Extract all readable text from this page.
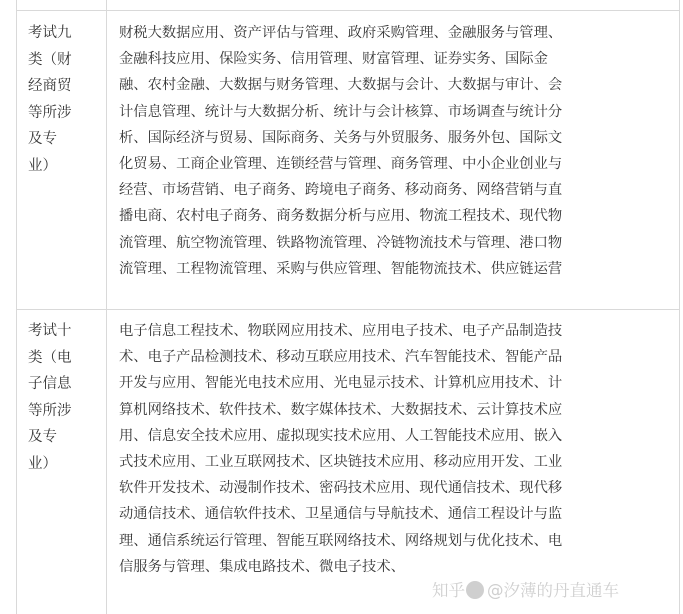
考试九
类（财
经商贸
等所涉
及专
业）
财税大数据应用、资产评估与管理、政府采购管理、金融服务与管理、
金融科技应用、保险实务、信用管理、财富管理、证券实务、国际金
融、农村金融、大数据与财务管理、大数据与会计、大数据与审计、会
计信息管理、统计与大数据分析、统计与会计核算、市场调查与统计分
析、国际经济与贸易、国际商务、关务与外贸服务、服务外包、国际文
化贸易、工商企业管理、连锁经营与管理、商务管理、中小企业创业与
经营、市场营销、电子商务、跨境电子商务、移动商务、网络营销与直
播电商、农村电子商务、商务数据分析与应用、物流工程技术、现代物
流管理、航空物流管理、铁路物流管理、冷链物流技术与管理、港口物
流管理、工程物流管理、采购与供应管理、智能物流技术、供应链运营
考试十
类（电
子信息
等所涉
及专
业）
电子信息工程技术、物联网应用技术、应用电子技术、电子产品制造技
术、电子产品检测技术、移动互联应用技术、汽车智能技术、智能产品
开发与应用、智能光电技术应用、光电显示技术、计算机应用技术、计
算机网络技术、软件技术、数字媒体技术、大数据技术、云计算技术应
用、信息安全技术应用、虚拟现实技术应用、人工智能技术应用、嵌入
式技术应用、工业互联网技术、区块链技术应用、移动应用开发、工业
软件开发技术、动漫制作技术、密码技术应用、现代通信技术、现代移
动通信技术、通信软件技术、卫星通信与导航技术、通信工程设计与监
理、通信系统运行管理、智能互联网络技术、网络规划与优化技术、电
信服务与管理、集成电路技术、微电子技术、
知乎 @汐薄的丹直通车
